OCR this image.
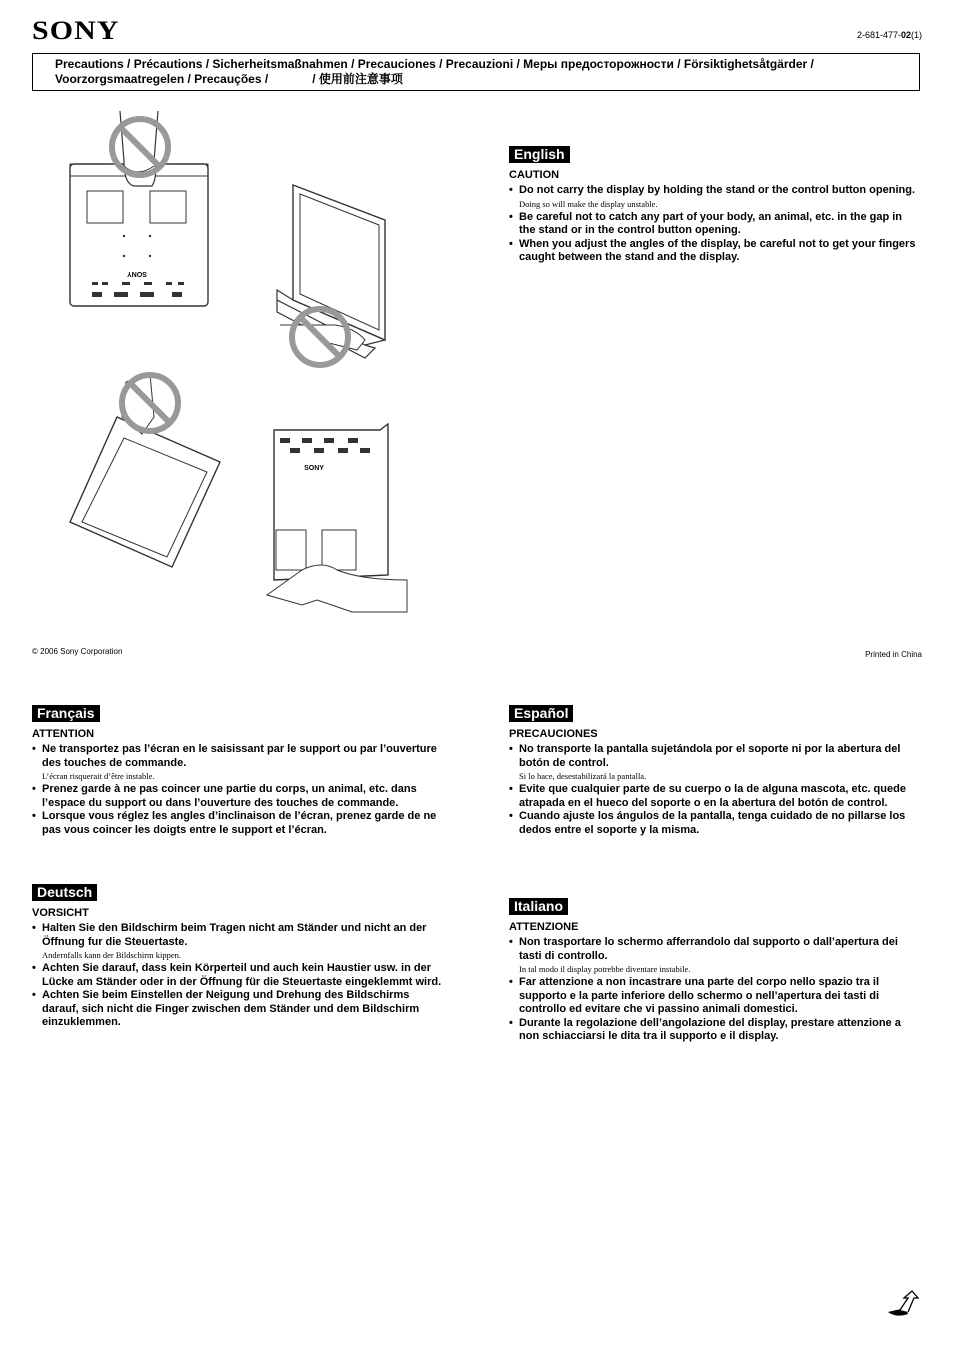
SONY	2-681-477-02(1)
Precautions / Précautions / Sicherheitsmaßnahmen / Precauciones / Precauzioni / Меры предосторожности / Försiktighetsåtgärder /
Voorzorgsmaatregelen / Precauções /	/ 使用前注意事项
SONY
SONY
English
CAUTION
• Do not carry the display by holding the stand or the control button opening.
Doing so will make the display unstable.
• Be careful not to catch any part of your body, an animal, etc. in the gap in the stand or in the control button opening.
• When you adjust the angles of the display, be careful not to get your fingers caught between the stand and the display.
© 2006 Sony Corporation	Printed in China
Français
ATTENTION
• Ne transportez pas l’écran en le saisissant par le support ou par l’ouverture des touches de commande.
L’écran risquerait d’être instable.
• Prenez garde à ne pas coincer une partie du corps, un animal, etc. dans l’espace du support ou dans l’ouverture des touches de commande.
• Lorsque vous réglez les angles d’inclinaison de l’écran, prenez garde de ne pas vous coincer les doigts entre le support et l’écran.
Español
PRECAUCIONES
• No transporte la pantalla sujetándola por el soporte ni por la abertura del botón de control.
Si lo hace, desestabilizará la pantalla.
• Evite que cualquier parte de su cuerpo o la de alguna mascota, etc. quede atrapada en el hueco del soporte o en la abertura del botón de control.
• Cuando ajuste los ángulos de la pantalla, tenga cuidado de no pillarse los dedos entre el soporte y la misma.
Deutsch
VORSICHT
• Halten Sie den Bildschirm beim Tragen nicht am Ständer und nicht an der Öffnung fur die Steuertaste.
Andernfalls kann der Bildschirm kippen.
• Achten Sie darauf, dass kein Körperteil und auch kein Haustier usw. in der Lücke am Ständer oder in der Öffnung für die Steuertaste eingeklemmt wird.
• Achten Sie beim Einstellen der Neigung und Drehung des Bildschirms darauf, sich nicht die Finger zwischen dem Ständer und dem Bildschirm einzuklemmen.
Italiano
ATTENZIONE
• Non trasportare lo schermo afferrandolo dal supporto o dall’apertura dei tasti di controllo.
In tal modo il display potrebbe diventare instabile.
• Far attenzione a non incastrare una parte del corpo nello spazio tra il supporto e la parte inferiore dello schermo o nell’apertura dei tasti di controllo ed evitare che vi passino animali domestici.
• Durante la regolazione dell’angolazione del display, prestare attenzione a non schiacciarsi le dita tra il supporto e il display.
